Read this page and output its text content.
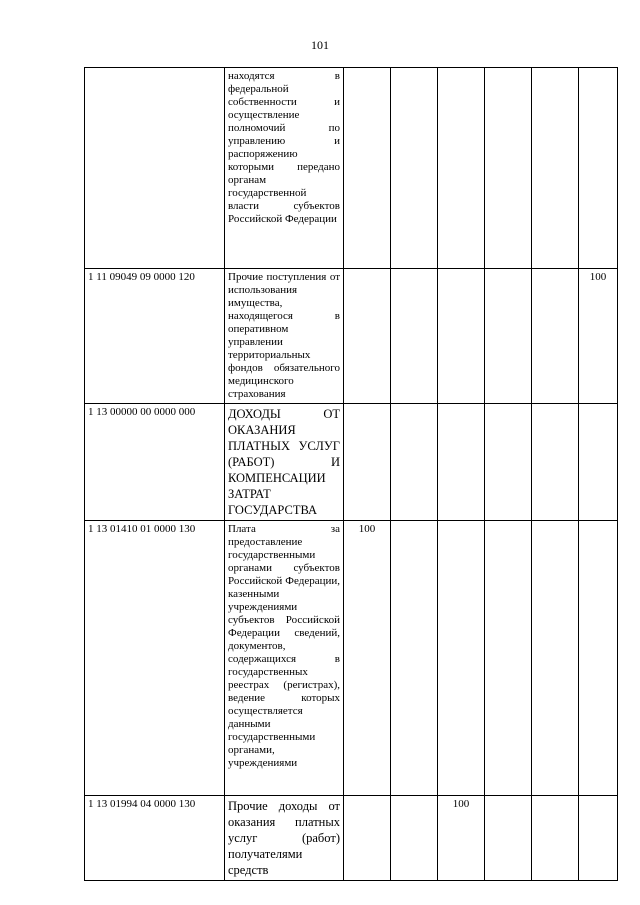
101
	находятся в федеральной собственности и осуществление полномочий по управлению и распоряжению которыми передано органам государственной власти субъектов Российской Федерации						
1 11 09049 09 0000 120	Прочие поступления от использования имущества, находящегося в оперативном управлении территориальных фондов обязательного медицинского страхования						100
1 13 00000 00 0000 000	ДОХОДЫ ОТ ОКАЗАНИЯ ПЛАТНЫХ УСЛУГ (РАБОТ) И КОМПЕНСАЦИИ ЗАТРАТ ГОСУДАРСТВА						
1 13 01410 01 0000 130	Плата за предоставление государственными органами субъектов Российской Федерации, казенными учреждениями субъектов Российской Федерации сведений, документов, содержащихся в государственных реестрах (регистрах), ведение которых осуществляется данными государственными органами, учреждениями	100					
1 13 01994 04 0000 130	Прочие доходы от оказания платных услуг (работ) получателями средств			100			
